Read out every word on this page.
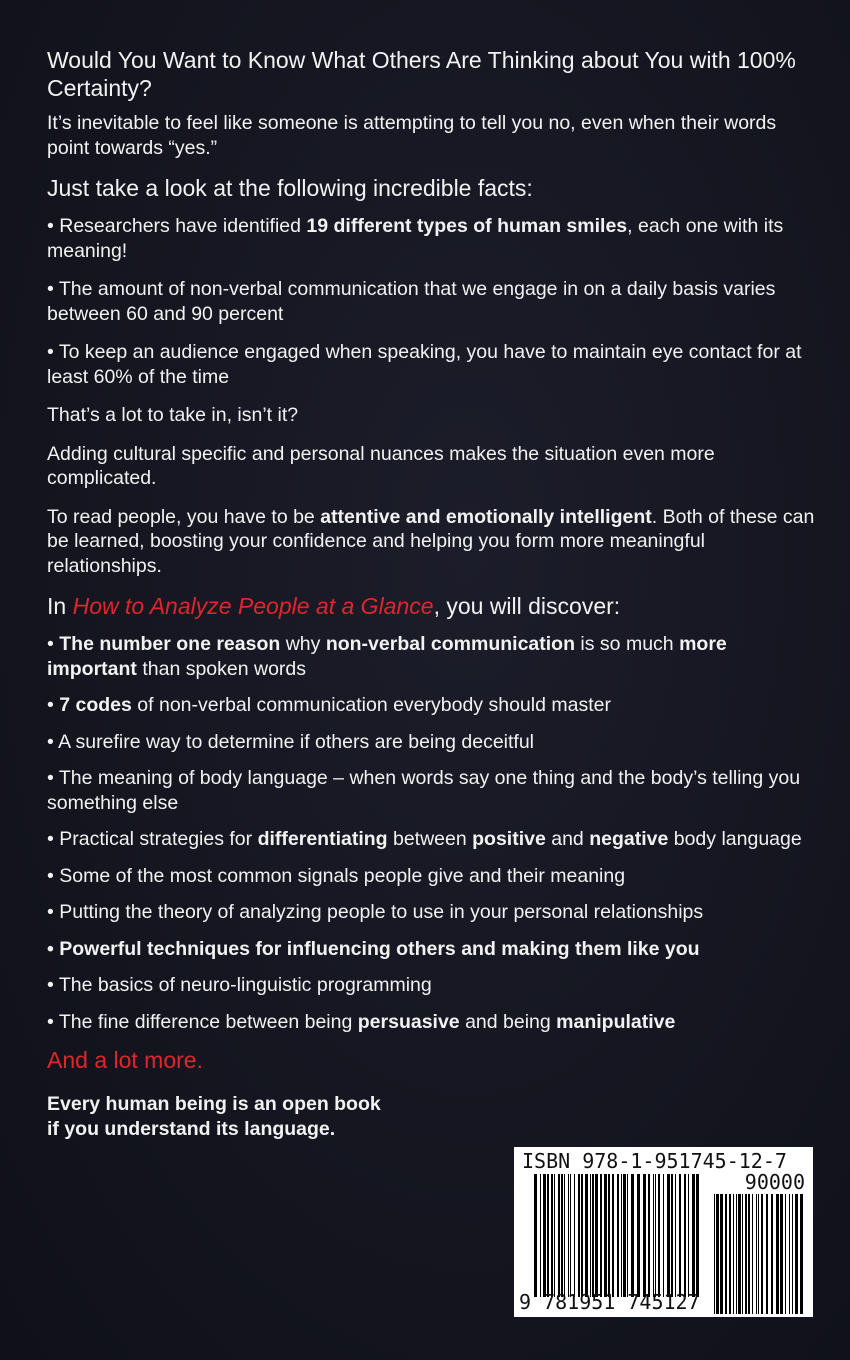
Would You Want to Know What Others Are Thinking about You with 100% Certainty?

It’s inevitable to feel like someone is attempting to tell you no, even when their words point towards “yes.”

Just take a look at the following incredible facts:

• Researchers have identified 19 different types of human smiles, each one with its meaning!

• The amount of non-verbal communication that we engage in on a daily basis varies between 60 and 90 percent

• To keep an audience engaged when speaking, you have to maintain eye contact for at least 60% of the time

That’s a lot to take in, isn’t it?

Adding cultural specific and personal nuances makes the situation even more complicated.

To read people, you have to be attentive and emotionally intelligent. Both of these can be learned, boosting your confidence and helping you form more meaningful relationships.

In How to Analyze People at a Glance, you will discover:

• The number one reason why non-verbal communication is so much more important than spoken words

• 7 codes of non-verbal communication everybody should master

• A surefire way to determine if others are being deceitful

• The meaning of body language – when words say one thing and the body’s telling you something else

• Practical strategies for differentiating between positive and negative body language

• Some of the most common signals people give and their meaning

• Putting the theory of analyzing people to use in your personal relationships

• Powerful techniques for influencing others and making them like you

• The basics of neuro-linguistic programming

• The fine difference between being persuasive and being manipulative

And a lot more.

Every human being is an open book
if you understand its language.

ISBN 978-1-951745-12-7
90000
9 781951 745127
